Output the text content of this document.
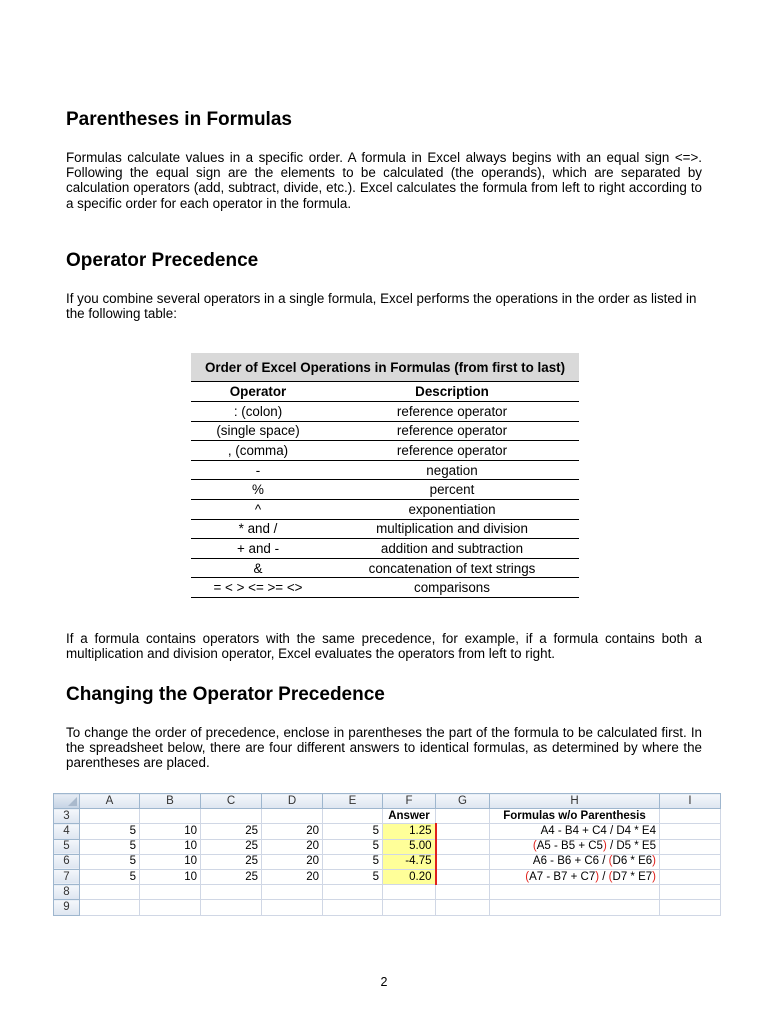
Parentheses in Formulas

Formulas calculate values in a specific order. A formula in Excel always begins with an equal sign <=>. Following the equal sign are the elements to be calculated (the operands), which are separated by calculation operators (add, subtract, divide, etc.). Excel calculates the formula from left to right according to a specific order for each operator in the formula.

Operator Precedence

If you combine several operators in a single formula, Excel performs the operations in the order as listed in the following table:

Order of Excel Operations in Formulas (from first to last)	
Operator	Description
: (colon)	reference operator
(single space)	reference operator
, (comma)	reference operator
-	negation
%	percent
^	exponentiation
* and /	multiplication and division
+ and -	addition and subtraction
&	concatenation of text strings
= < > <= >= <>	comparisons

If a formula contains operators with the same precedence, for example, if a formula contains both a multiplication and division operator, Excel evaluates the operators from left to right.

Changing the Operator Precedence

To change the order of precedence, enclose in parentheses the part of the formula to be calculated first. In the spreadsheet below, there are four different answers to identical formulas, as determined by where the parentheses are placed.

	A	B	C	D	E	F	G	H	I
3						Answer		Formulas w/o Parenthesis	
4	5	10	25	20	5	1.25		A4 - B4 + C4 / D4 * E4	
5	5	10	25	20	5	5.00		(A5 - B5 + C5) / D5 * E5	
6	5	10	25	20	5	-4.75		A6 - B6 + C6 / (D6 * E6)	
7	5	10	25	20	5	0.20		(A7 - B7 + C7) / (D7 * E7)	
8									
9									
2
